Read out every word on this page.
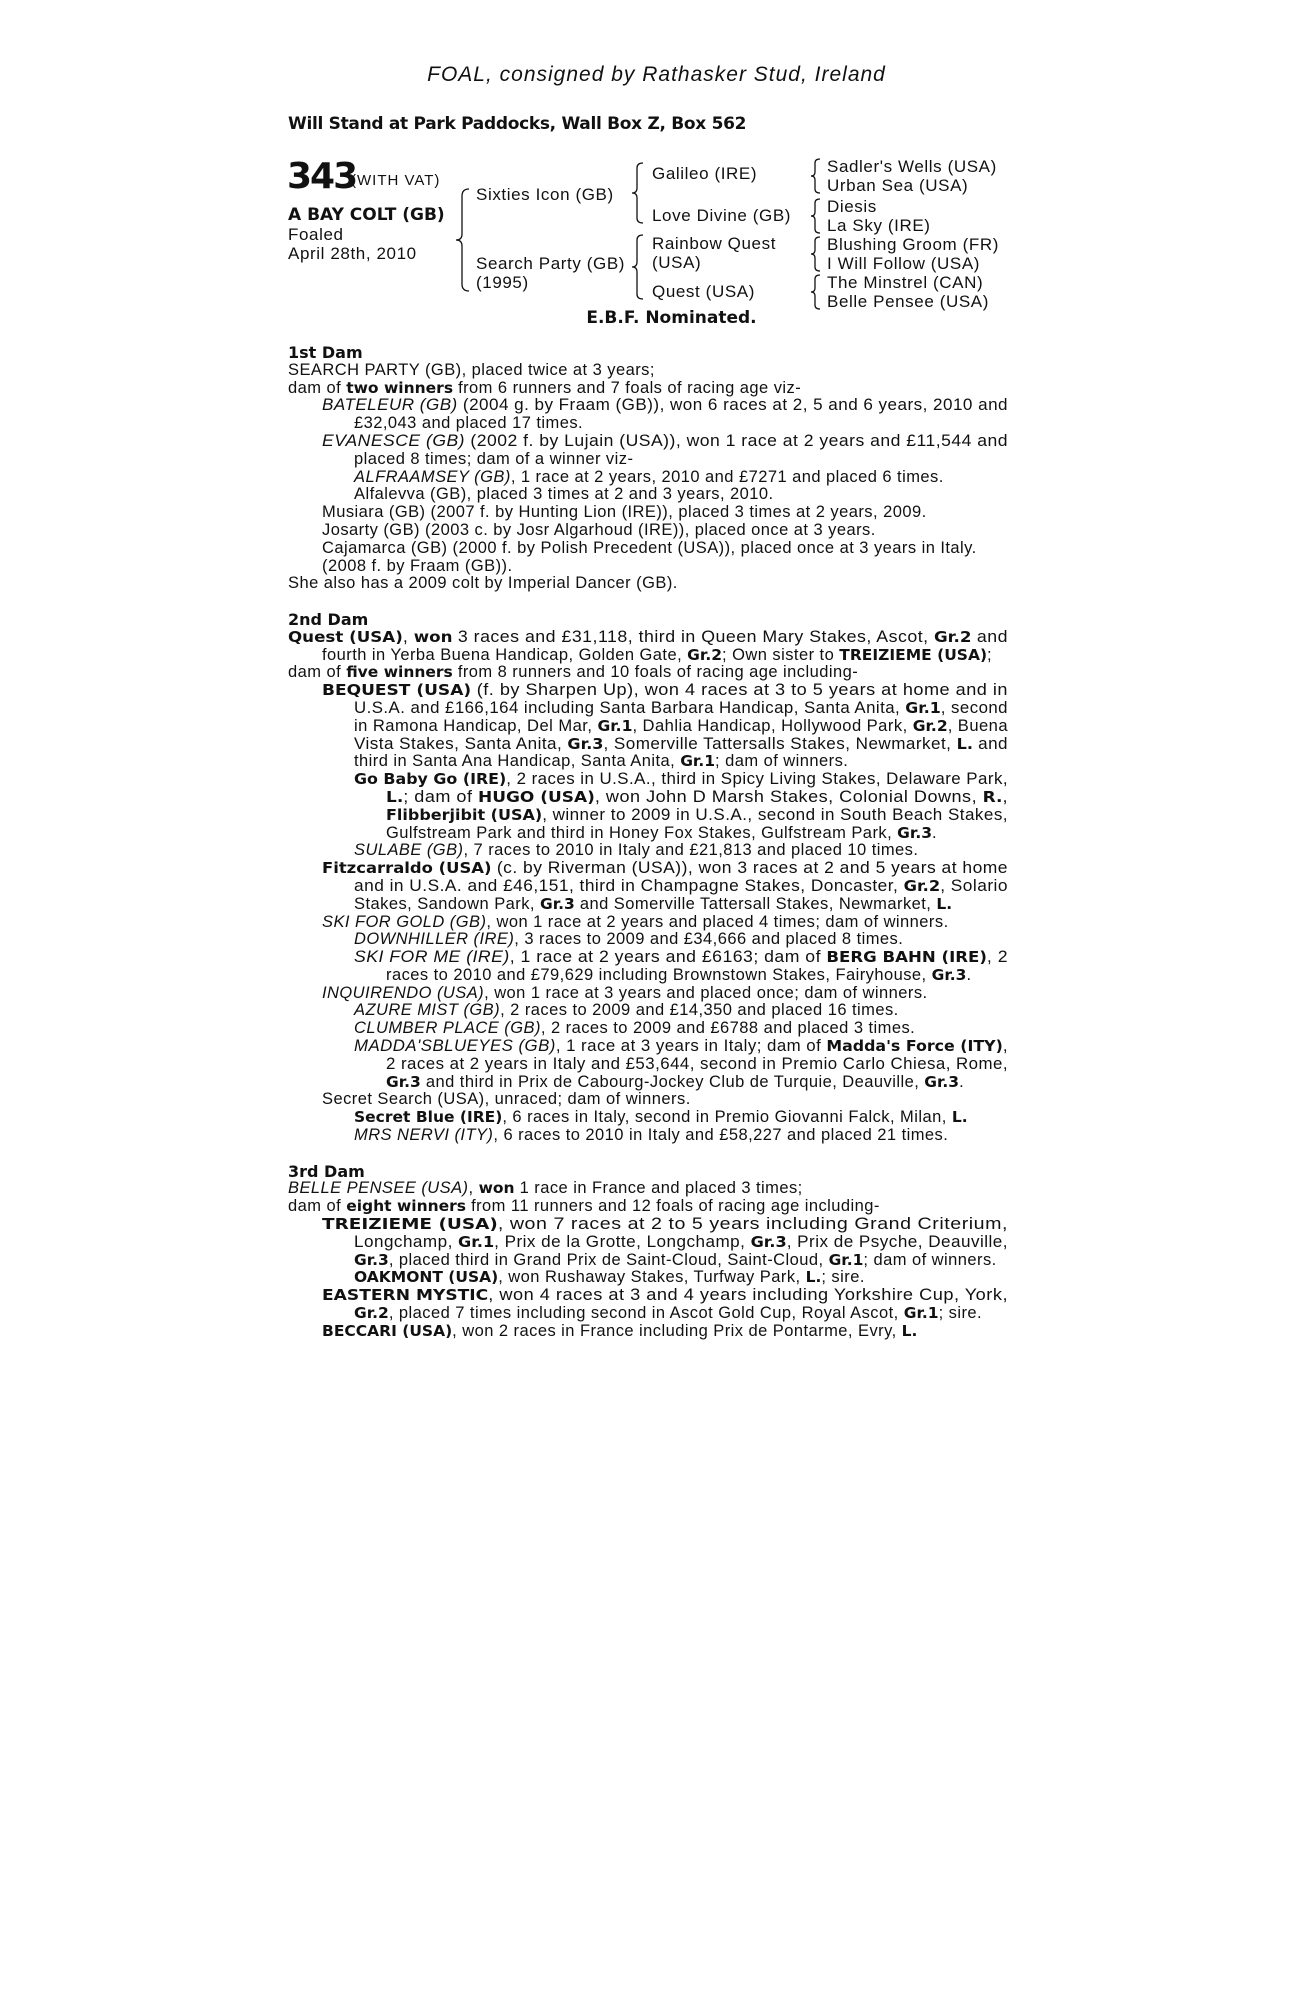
FOAL, consigned by Rathasker Stud, Ireland
Will Stand at Park Paddocks, Wall Box Z, Box 562
343
(WITH VAT)
A BAY COLT (GB)
Foaled
April 28th, 2010
Sixties Icon (GB)
Search Party (GB)
(1995)
Galileo (IRE)
Love Divine (GB)
Rainbow Quest
(USA)
Quest (USA)
Sadler's Wells (USA)
Urban Sea (USA)
Diesis
La Sky (IRE)
Blushing Groom (FR)
I Will Follow (USA)
The Minstrel (CAN)
Belle Pensee (USA)
E.B.F. Nominated.
1st Dam
SEARCH PARTY (GB), placed twice at 3 years;
dam of two winners from 6 runners and 7 foals of racing age viz-
BATELEUR (GB) (2004 g. by Fraam (GB)), won 6 races at 2, 5 and 6 years, 2010 and
£32,043 and placed 17 times.
EVANESCE (GB) (2002 f. by Lujain (USA)), won 1 race at 2 years and £11,544 and
placed 8 times; dam of a winner viz-
ALFRAAMSEY (GB), 1 race at 2 years, 2010 and £7271 and placed 6 times.
Alfalevva (GB), placed 3 times at 2 and 3 years, 2010.
Musiara (GB) (2007 f. by Hunting Lion (IRE)), placed 3 times at 2 years, 2009.
Josarty (GB) (2003 c. by Josr Algarhoud (IRE)), placed once at 3 years.
Cajamarca (GB) (2000 f. by Polish Precedent (USA)), placed once at 3 years in Italy.
(2008 f. by Fraam (GB)).
She also has a 2009 colt by Imperial Dancer (GB).
2nd Dam
Quest (USA), won 3 races and £31,118, third in Queen Mary Stakes, Ascot, Gr.2 and
fourth in Yerba Buena Handicap, Golden Gate, Gr.2; Own sister to TREIZIEME (USA);
dam of five winners from 8 runners and 10 foals of racing age including-
BEQUEST (USA) (f. by Sharpen Up), won 4 races at 3 to 5 years at home and in
U.S.A. and £166,164 including Santa Barbara Handicap, Santa Anita, Gr.1, second
in Ramona Handicap, Del Mar, Gr.1, Dahlia Handicap, Hollywood Park, Gr.2, Buena
Vista Stakes, Santa Anita, Gr.3, Somerville Tattersalls Stakes, Newmarket, L. and
third in Santa Ana Handicap, Santa Anita, Gr.1; dam of winners.
Go Baby Go (IRE), 2 races in U.S.A., third in Spicy Living Stakes, Delaware Park,
L.; dam of HUGO (USA), won John D Marsh Stakes, Colonial Downs, R.,
Flibberjibit (USA), winner to 2009 in U.S.A., second in South Beach Stakes,
Gulfstream Park and third in Honey Fox Stakes, Gulfstream Park, Gr.3.
SULABE (GB), 7 races to 2010 in Italy and £21,813 and placed 10 times.
Fitzcarraldo (USA) (c. by Riverman (USA)), won 3 races at 2 and 5 years at home
and in U.S.A. and £46,151, third in Champagne Stakes, Doncaster, Gr.2, Solario
Stakes, Sandown Park, Gr.3 and Somerville Tattersall Stakes, Newmarket, L.
SKI FOR GOLD (GB), won 1 race at 2 years and placed 4 times; dam of winners.
DOWNHILLER (IRE), 3 races to 2009 and £34,666 and placed 8 times.
SKI FOR ME (IRE), 1 race at 2 years and £6163; dam of BERG BAHN (IRE), 2
races to 2010 and £79,629 including Brownstown Stakes, Fairyhouse, Gr.3.
INQUIRENDO (USA), won 1 race at 3 years and placed once; dam of winners.
AZURE MIST (GB), 2 races to 2009 and £14,350 and placed 16 times.
CLUMBER PLACE (GB), 2 races to 2009 and £6788 and placed 3 times.
MADDA'SBLUEYES (GB), 1 race at 3 years in Italy; dam of Madda's Force (ITY),
2 races at 2 years in Italy and £53,644, second in Premio Carlo Chiesa, Rome,
Gr.3 and third in Prix de Cabourg-Jockey Club de Turquie, Deauville, Gr.3.
Secret Search (USA), unraced; dam of winners.
Secret Blue (IRE), 6 races in Italy, second in Premio Giovanni Falck, Milan, L.
MRS NERVI (ITY), 6 races to 2010 in Italy and £58,227 and placed 21 times.
3rd Dam
BELLE PENSEE (USA), won 1 race in France and placed 3 times;
dam of eight winners from 11 runners and 12 foals of racing age including-
TREIZIEME (USA), won 7 races at 2 to 5 years including Grand Criterium,
Longchamp, Gr.1, Prix de la Grotte, Longchamp, Gr.3, Prix de Psyche, Deauville,
Gr.3, placed third in Grand Prix de Saint-Cloud, Saint-Cloud, Gr.1; dam of winners.
OAKMONT (USA), won Rushaway Stakes, Turfway Park, L.; sire.
EASTERN MYSTIC, won 4 races at 3 and 4 years including Yorkshire Cup, York,
Gr.2, placed 7 times including second in Ascot Gold Cup, Royal Ascot, Gr.1; sire.
BECCARI (USA), won 2 races in France including Prix de Pontarme, Evry, L.
